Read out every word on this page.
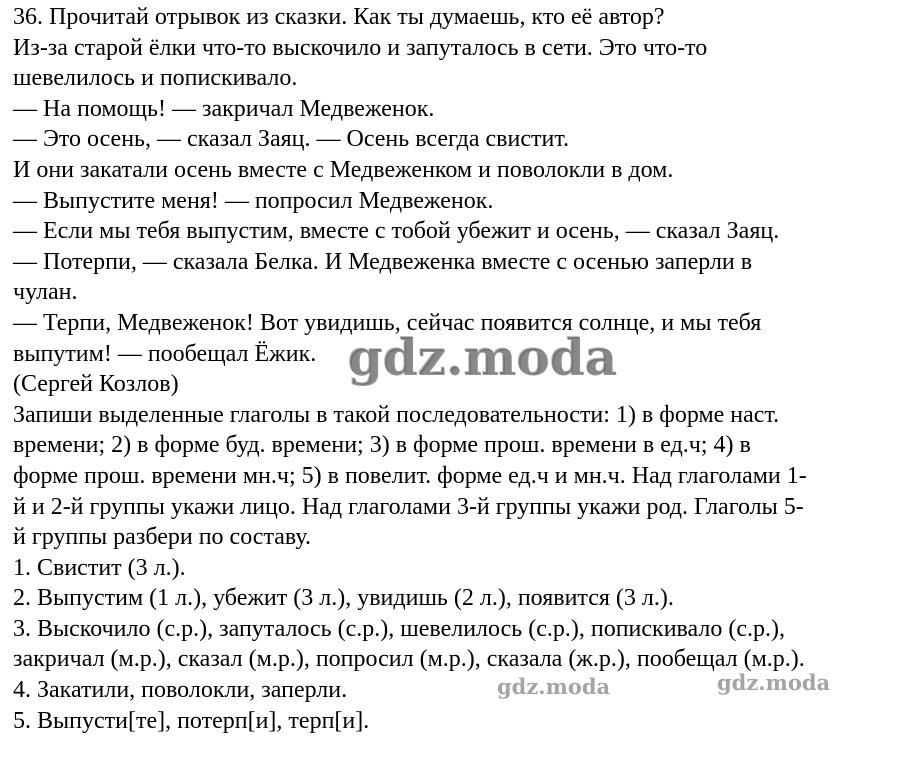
36. Прочитай отрывок из сказки. Как ты думаешь, кто её автор?
Из-за старой ёлки что-то выскочило и запуталось в сети. Это что-то
шевелилось и попискивало.
— На помощь! — закричал Медвеженок.
— Это осень, — сказал Заяц. — Осень всегда свистит.
И они закатали осень вместе с Медвеженком и поволокли в дом.
— Выпустите меня! — попросил Медвеженок.
— Если мы тебя выпустим, вместе с тобой убежит и осень, — сказал Заяц.
— Потерпи, — сказала Белка. И Медвеженка вместе с осенью заперли в
чулан.
— Терпи, Медвеженок! Вот увидишь, сейчас появится солнце, и мы тебя
выпутим! — пообещал Ёжик.
(Сергей Козлов)
Запиши выделенные глаголы в такой последовательности: 1) в форме наст.
времени; 2) в форме буд. времени; 3) в форме прош. времени в ед.ч; 4) в
форме прош. времени мн.ч; 5) в повелит. форме ед.ч и мн.ч. Над глаголами 1-
й и 2-й группы укажи лицо. Над глаголами 3-й группы укажи род. Глаголы 5-
й группы разбери по составу.
1. Свистит (3 л.).
2. Выпустим (1 л.), убежит (3 л.), увидишь (2 л.), появится (3 л.).
3. Выскочило (с.р.), запуталось (с.р.), шевелилось (с.р.), попискивало (с.р.),
закричал (м.р.), сказал (м.р.), попросил (м.р.), сказала (ж.р.), пообещал (м.р.).
4. Закатили, поволокли, заперли.
5. Выпусти[те], потерп[и], терп[и].
gdz.moda
gdz.moda	gdz.moda
